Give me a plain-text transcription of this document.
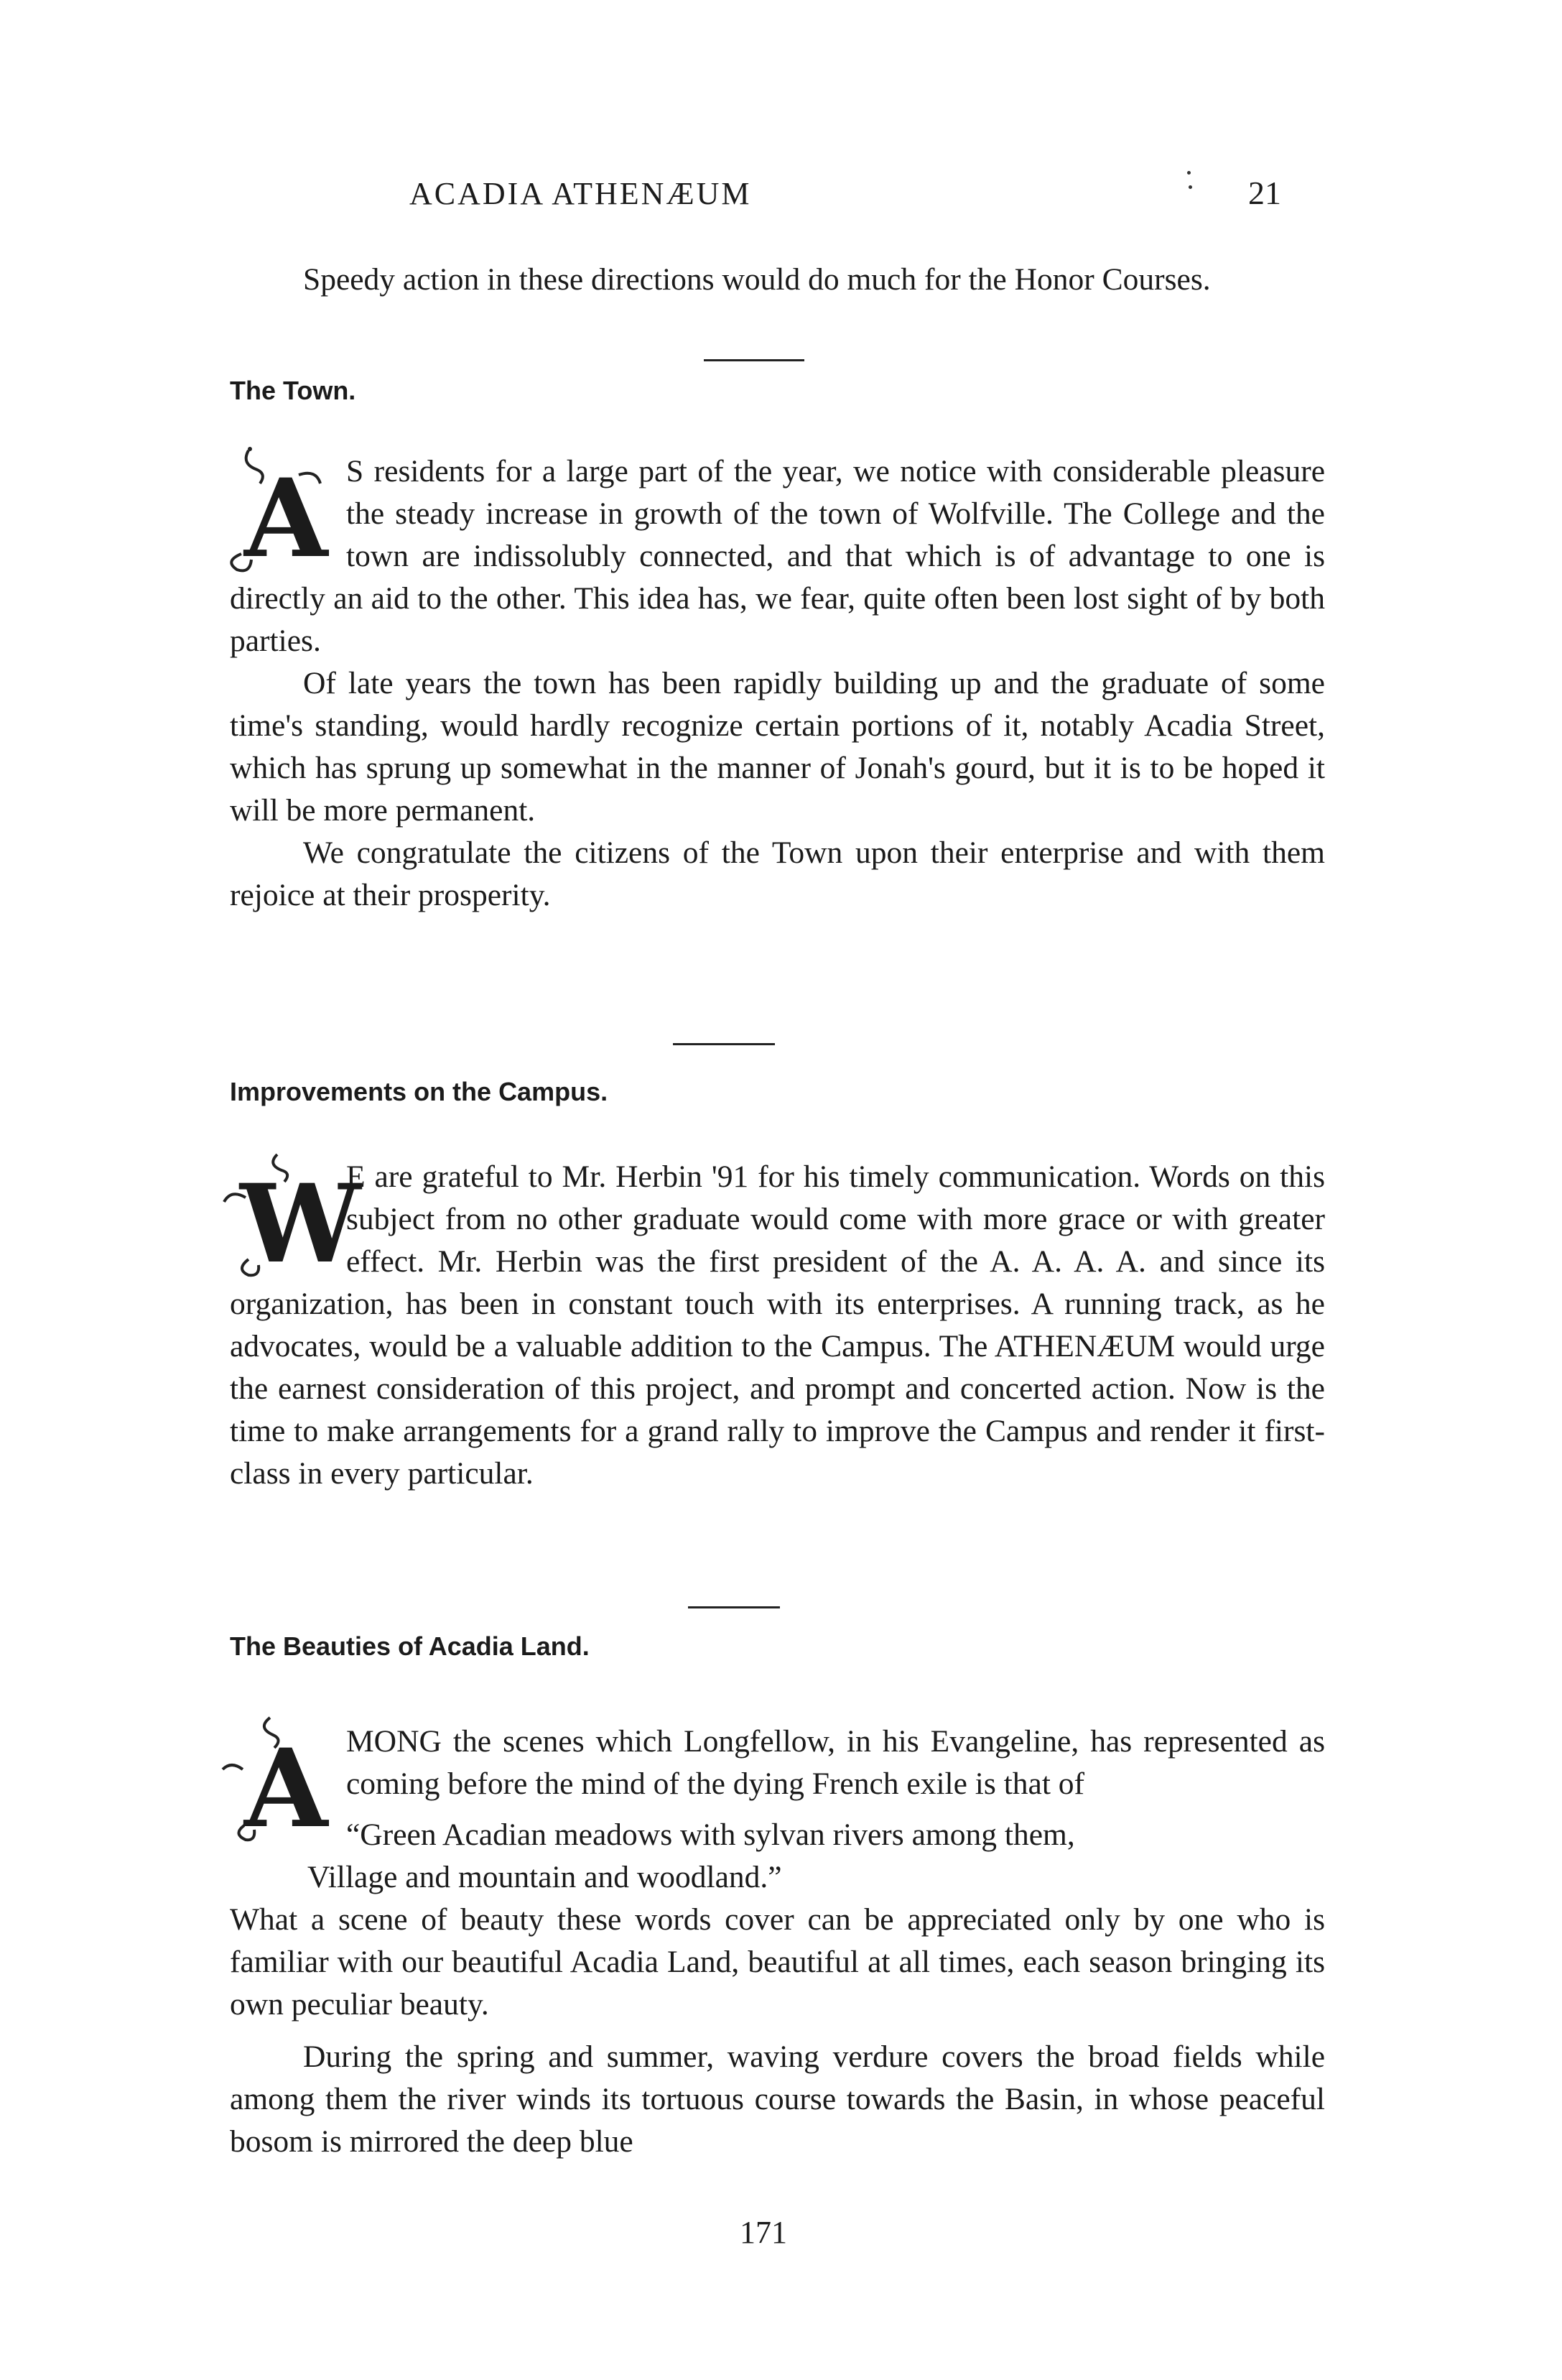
ACADIA ATHENÆUM	21

Speedy action in these directions would do much for the Honor Courses.

The Town.
A S residents for a large part of the year, we notice with considerable pleasure the steady increase in growth of the town of Wolfville. The College and the town are indissolubly connected, and that which is of advantage to one is directly an aid to the other. This idea has, we fear, quite often been lost sight of by both parties.

Of late years the town has been rapidly building up and the graduate of some time's standing, would hardly recognize certain portions of it, notably Acadia Street, which has sprung up somewhat in the manner of Jonah's gourd, but it is to be hoped it will be more permanent.

We congratulate the citizens of the Town upon their enterprise and with them rejoice at their prosperity.

Improvements on the Campus.
W

E are grateful to Mr. Herbin '91 for his timely communication. Words on this subject from no other graduate would come with more grace or with greater effect. Mr. Herbin was the first president of the A. A. A. A. and since its organization, has been in constant touch with its enterprises. A running track, as he advocates, would be a valuable addition to the Campus. The ATHENÆUM would urge the earnest consideration of this project, and prompt and concerted action. Now is the time to make arrangements for a grand rally to improve the Campus and render it first-class in every particular.

The Beauties of Acadia Land.
A MONG the scenes which Longfellow, in his Evangeline, has represented as coming before the mind of the dying French exile is that of

“Green Acadian meadows with sylvan rivers among them,

Village and mountain and woodland.”

What a scene of beauty these words cover can be appreciated only by one who is familiar with our beautiful Acadia Land, beautiful at all times, each season bringing its own peculiar beauty.

During the spring and summer, waving verdure covers the broad fields while among them the river winds its tortuous course towards the Basin, in whose peaceful bosom is mirrored the deep blue

171
